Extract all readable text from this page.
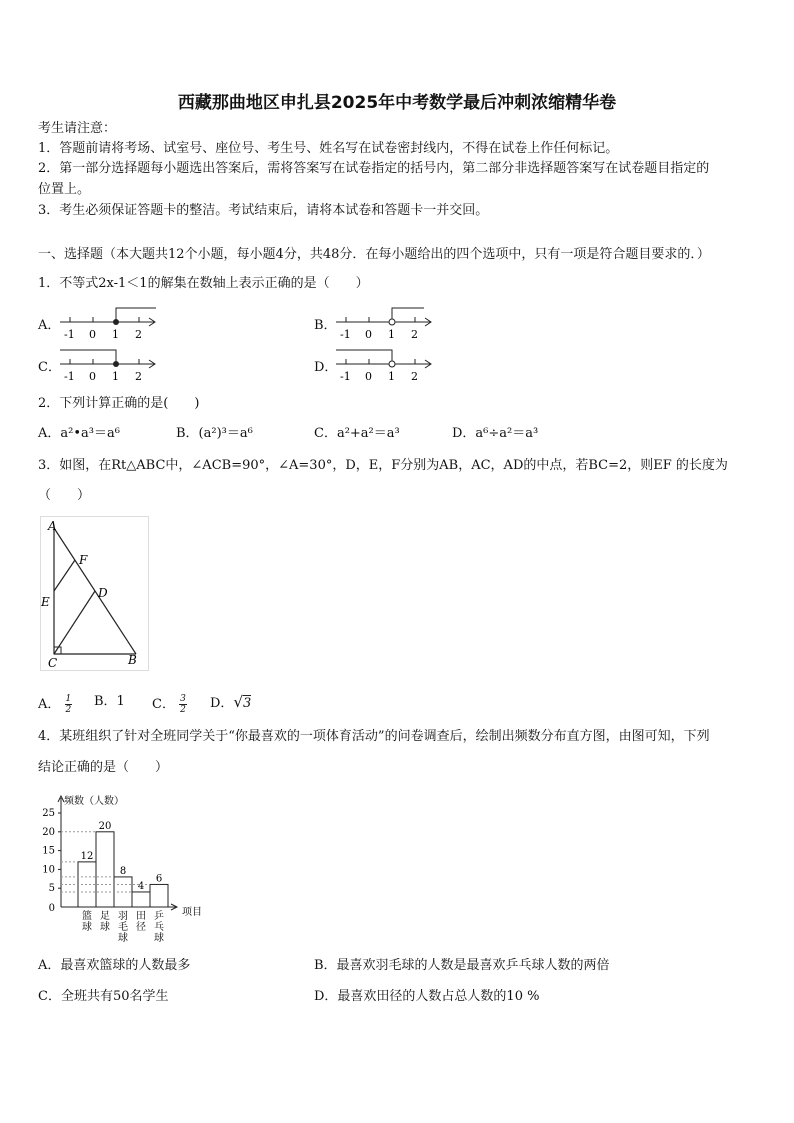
西藏那曲地区申扎县2025年中考数学最后冲刺浓缩精华卷
考生请注意：
1．答题前请将考场、试室号、座位号、考生号、姓名写在试卷密封线内，不得在试卷上作任何标记。
2．第一部分选择题每小题选出答案后，需将答案写在试卷指定的括号内，第二部分非选择题答案写在试卷题目指定的
位置上。
3．考生必须保证答题卡的整洁。考试结束后，请将本试卷和答题卡一并交回。
一、选择题（本大题共12个小题，每小题4分，共48分．在每小题给出的四个选项中，只有一项是符合题目要求的．）
1．不等式2x-1＜1的解集在数轴上表示正确的是（　　）
A．
-1 0 1 2
B．
-1 0 1 2
C．
-1 0 1 2
D．
-1 0 1 2
2．下列计算正确的是(　　)
A．a²•a³＝a⁶	B．(a²)³＝a⁶	C．a²+a²＝a³	D．a⁶÷a²＝a³
3．如图，在Rt△ABC中，∠ACB=90°，∠A=30°，D，E，F分别为AB，AC，AD的中点，若BC=2，则EF 的长度为
（　　）
A
F
E
D
C	B
A． $\frac{1}{2}$ B．1 C． $\frac{3}{2}$ D．√3
4．某班组织了针对全班同学关于“你最喜欢的一项体育活动”的问卷调查后，绘制出频数分布直方图，由图可知，下列
结论正确的是（　　）
频数（人数）
项目
0
5
10
15
20
25
12
篮
球
20
足
球
8
羽
毛
球
4
田
径
6
乒
乓
球
A．最喜欢篮球的人数最多	B．最喜欢羽毛球的人数是最喜欢乒乓球人数的两倍
C．全班共有50名学生	D．最喜欢田径的人数占总人数的10 %
